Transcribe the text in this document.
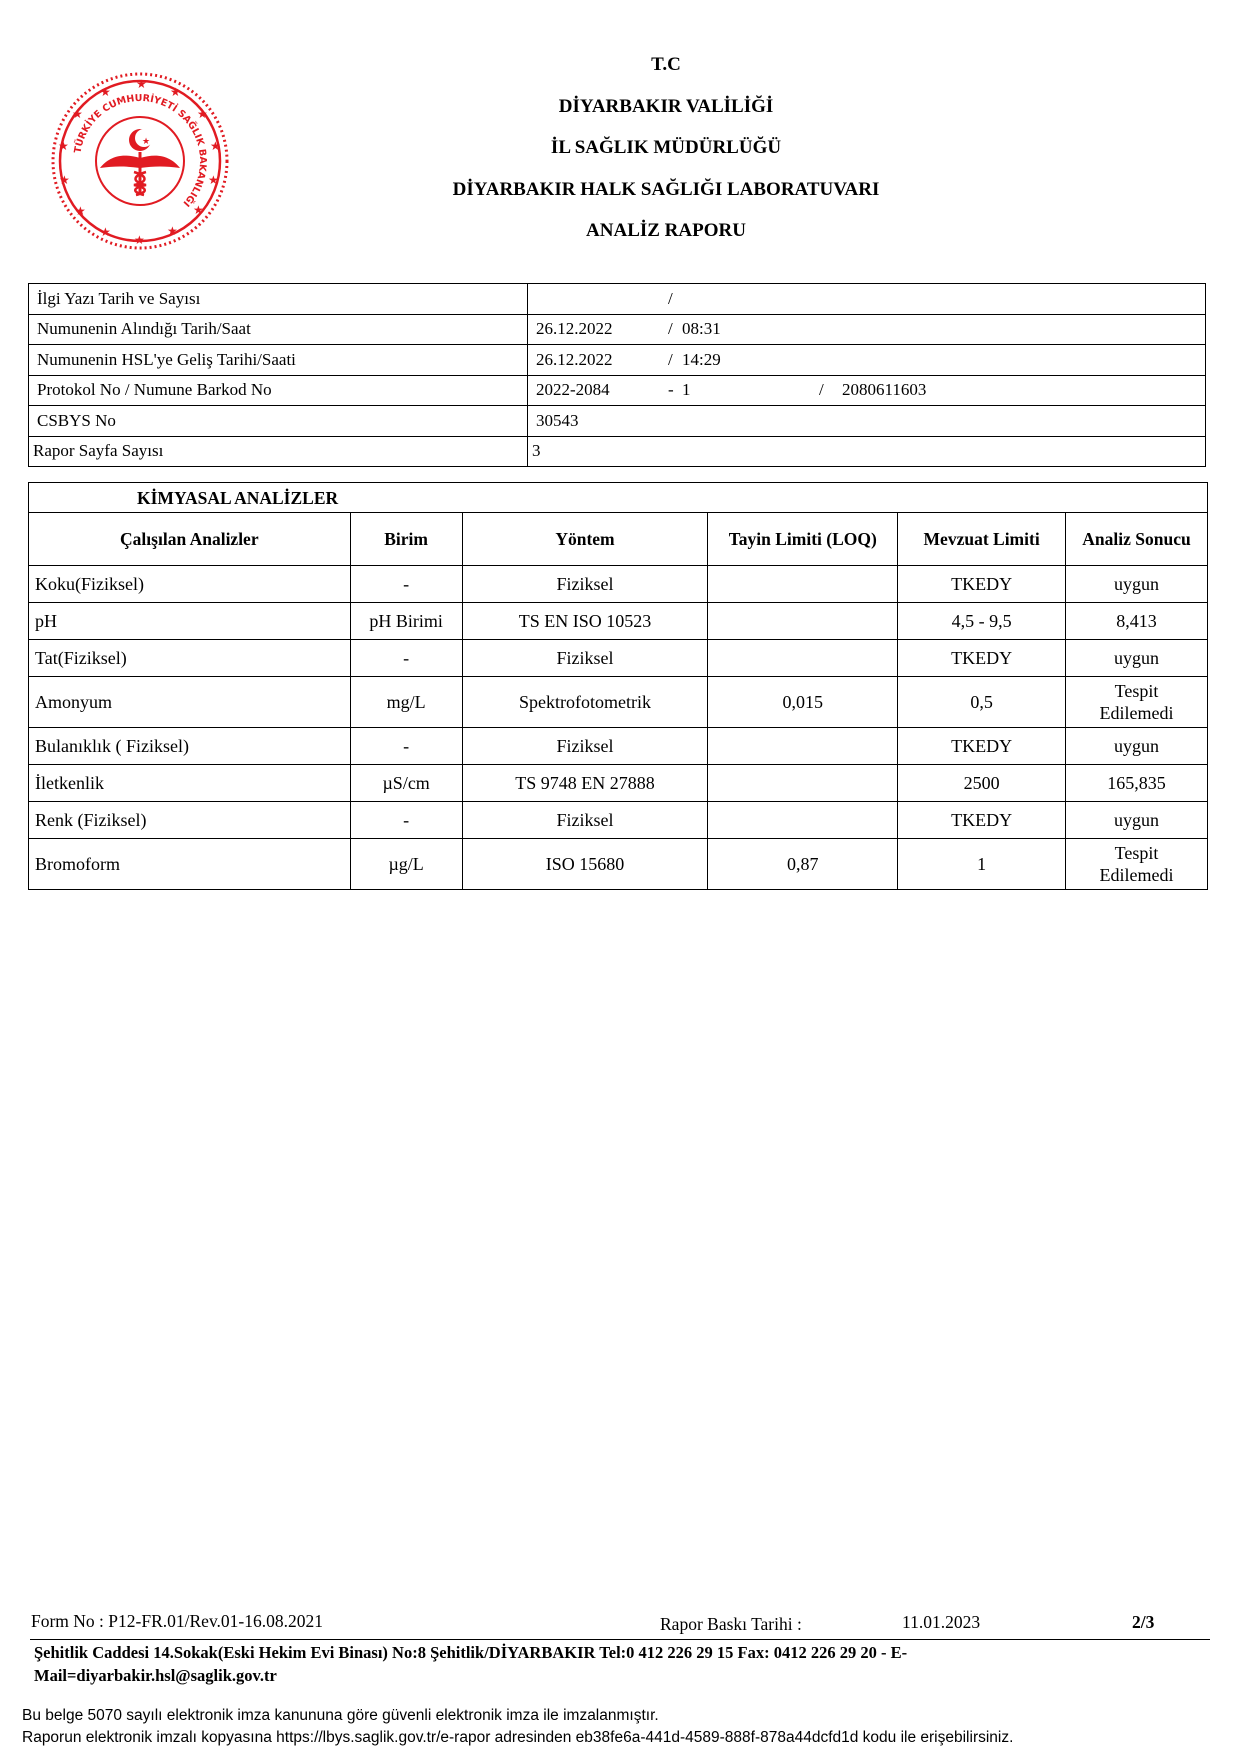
★
★
★
★
★
★
★
★
★
★
★
★
★
★
TÜRKİYE CUMHURİYETİ SAĞLIK BAKANLIĞI
★
T.C
DİYARBAKIR VALİLİĞİ
İL SAĞLIK MÜDÜRLÜĞÜ
DİYARBAKIR HALK SAĞLIĞI LABORATUVARI
ANALİZ RAPORU
İlgi Yazı Tarih ve Sayısı	/

Numunenin Alındığı Tarih/Saat	26.12.2022 / 08:31

Numunenin HSL'ye Geliş Tarihi/Saati	26.12.2022 / 14:29

Protokol No / Numune Barkod No	2022-2084 - 1 / 2080611603

CSBYS No	30543
Rapor Sayfa Sayısı	3
KİMYASAL ANALİZLER					
Çalışılan Analizler	Birim	Yöntem	Tayin Limiti (LOQ)	Mevzuat Limiti	Analiz Sonucu
Koku(Fiziksel)	-	Fiziksel		TKEDY	uygun
pH	pH Birimi	TS EN ISO 10523		4,5 - 9,5	8,413
Tat(Fiziksel)	-	Fiziksel		TKEDY	uygun
Amonyum	mg/L	Spektrofotometrik	0,015	0,5	Tespit Edilemedi
Bulanıklık ( Fiziksel)	-	Fiziksel		TKEDY	uygun
İletkenlik	µS/cm	TS 9748 EN 27888		2500	165,835
Renk (Fiziksel)	-	Fiziksel		TKEDY	uygun
Bromoform	µg/L	ISO 15680	0,87	1	Tespit Edilemedi
Form No : P12-FR.01/Rev.01-16.08.2021	Rapor Baskı Tarihi :	11.01.2023	2/3
Şehitlik Caddesi 14.Sokak(Eski Hekim Evi Binası) No:8 Şehitlik/DİYARBAKIR Tel:0 412 226 29 15 Fax: 0412 226 29 20 - E-
Mail=diyarbakir.hsl@saglik.gov.tr
Bu belge 5070 sayılı elektronik imza kanununa göre güvenli elektronik imza ile imzalanmıştır.
Raporun elektronik imzalı kopyasına https://lbys.saglik.gov.tr/e-rapor adresinden eb38fe6a-441d-4589-888f-878a44dcfd1d kodu ile erişebilirsiniz.
